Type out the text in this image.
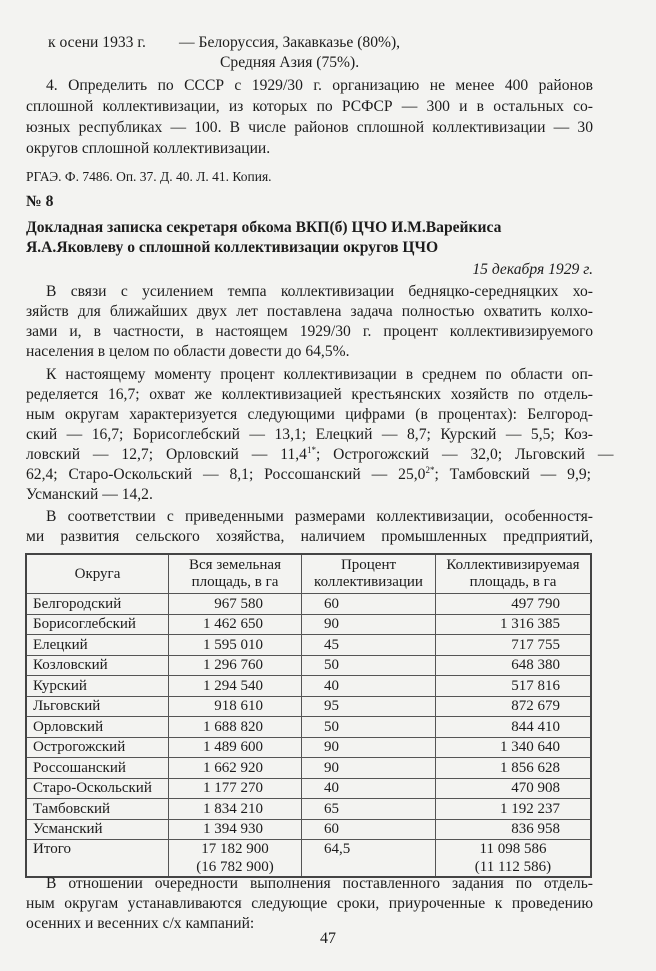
к осени 1933 г. — Белоруссия, Закавказье (80%),
Средняя Азия (75%).
4. Определить по СССР с 1929/30 г. организацию не менее 400 районов
сплошной коллективизации, из которых по РСФСР — 300 и в остальных со-
юзных республиках — 100. В числе районов сплошной коллективизации — 30
округов сплошной коллективизации.
РГАЭ. Ф. 7486. Оп. 37. Д. 40. Л. 41. Копия.
№ 8
Докладная записка секретаря обкома ВКП(б) ЦЧО И.М.Варейкиса
Я.А.Яковлеву о сплошной коллективизации округов ЦЧО
15 декабря 1929 г.
В связи с усилением темпа коллективизации бедняцко-середняцких хо-
зяйств для ближайших двух лет поставлена задача полностью охватить колхо-
зами и, в частности, в настоящем 1929/30 г. процент коллективизируемого
населения в целом по области довести до 64,5%.
К настоящему моменту процент коллективизации в среднем по области оп-
ределяется 16,7; охват же коллективизацией крестьянских хозяйств по отдель-
ным округам характеризуется следующими цифрами (в процентах): Белгород-
ский — 16,7; Борисоглебский — 13,1; Елецкий — 8,7; Курский — 5,5; Коз-
ловский — 12,7; Орловский — $11,4^{1*}$; Острогожский — 32,0; Льговский —
62,4; Старо-Оскольский — 8,1; Россошанский — $25,0^{2*}$; Тамбовский — 9,9;
Усманский — 14,2.
В соответствии с приведенными размерами коллективизации, особенностя-
ми развития сельского хозяйства, наличием промышленных предприятий,
Округа	Вся земельная
площадь, в га	Процент
коллективизации	Коллективизируемая
площадь, в га
Белгородский	967 580	60	497 790
Борисоглебский	1 462 650	90	1 316 385
Елецкий	1 595 010	45	717 755
Козловский	1 296 760	50	648 380
Курский	1 294 540	40	517 816
Льговский	918 610	95	872 679
Орловский	1 688 820	50	844 410
Острогожский	1 489 600	90	1 340 640
Россошанский	1 662 920	90	1 856 628
Старо-Оскольский	1 177 270	40	470 908
Тамбовский	1 834 210	65	1 192 237
Усманский	1 394 930	60	836 958
Итого	17 182 900
(16 782 900)	64,5	11 098 586
(11 112 586)
В отношении очередности выполнения поставленного задания по отдель-
ным округам устанавливаются следующие сроки, приуроченные к проведению
осенних и весенних с/х кампаний:
47
